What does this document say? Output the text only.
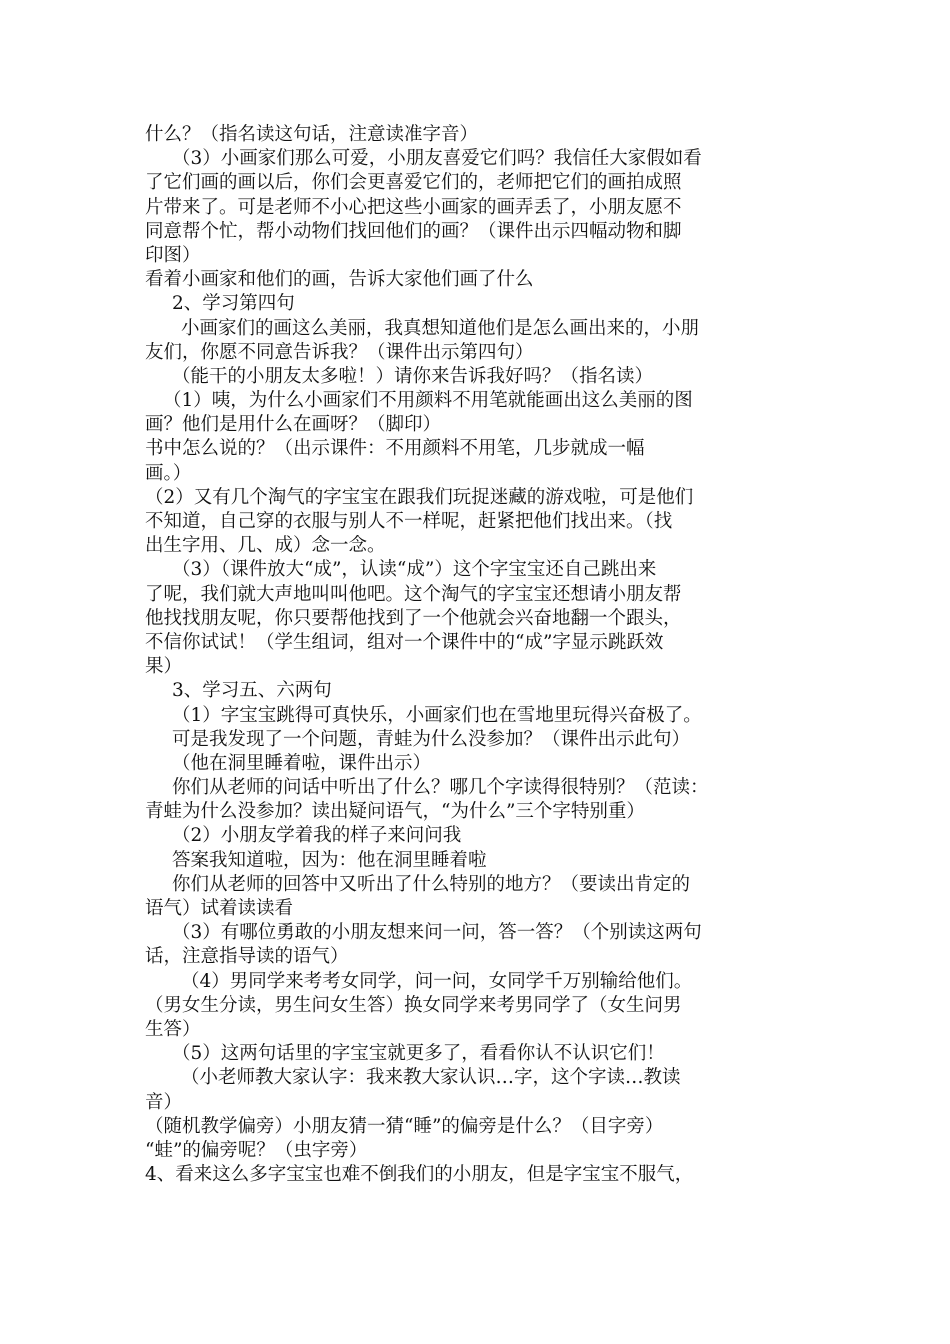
什么？（指名读这句话，注意读准字音）
（3）小画家们那么可爱，小朋友喜爱它们吗？我信任大家假如看
了它们画的画以后，你们会更喜爱它们的，老师把它们的画拍成照
片带来了。可是老师不小心把这些小画家的画弄丢了，小朋友愿不
同意帮个忙，帮小动物们找回他们的画？（课件出示四幅动物和脚
印图）
看着小画家和他们的画，告诉大家他们画了什么
2、学习第四句
小画家们的画这么美丽，我真想知道他们是怎么画出来的，小朋
友们，你愿不同意告诉我？（课件出示第四句）
（能干的小朋友太多啦！）请你来告诉我好吗？（指名读）
（1）咦，为什么小画家们不用颜料不用笔就能画出这么美丽的图
画？他们是用什么在画呀？（脚印）
书中怎么说的？（出示课件：不用颜料不用笔，几步就成一幅
画。）
（2）又有几个淘气的字宝宝在跟我们玩捉迷藏的游戏啦，可是他们
不知道，自己穿的衣服与别人不一样呢，赶紧把他们找出来。（找
出生字用、几、成）念一念。
（3）（课件放大“成”，认读“成”）这个字宝宝还自己跳出来
了呢，我们就大声地叫叫他吧。这个淘气的字宝宝还想请小朋友帮
他找找朋友呢，你只要帮他找到了一个他就会兴奋地翻一个跟头，
不信你试试！（学生组词，组对一个课件中的“成”字显示跳跃效
果）
3、学习五、六两句
（1）字宝宝跳得可真快乐，小画家们也在雪地里玩得兴奋极了。
可是我发现了一个问题，青蛙为什么没参加？（课件出示此句）
（他在洞里睡着啦，课件出示）
你们从老师的问话中听出了什么？哪几个字读得很特别？（范读：
青蛙为什么没参加？读出疑问语气，“为什么”三个字特别重）
（2）小朋友学着我的样子来问问我
答案我知道啦，因为：他在洞里睡着啦
你们从老师的回答中又听出了什么特别的地方？（要读出肯定的
语气）试着读读看
（3）有哪位勇敢的小朋友想来问一问，答一答？（个别读这两句
话，注意指导读的语气）
（4）男同学来考考女同学，问一问，女同学千万别输给他们。
（男女生分读，男生问女生答）换女同学来考男同学了（女生问男
生答）
（5）这两句话里的字宝宝就更多了，看看你认不认识它们！
（小老师教大家认字：我来教大家认识…字，这个字读…教读
音）
（随机教学偏旁）小朋友猜一猜“睡”的偏旁是什么？（目字旁）
“蛙”的偏旁呢？（虫字旁）
4、看来这么多字宝宝也难不倒我们的小朋友，但是字宝宝不服气，
